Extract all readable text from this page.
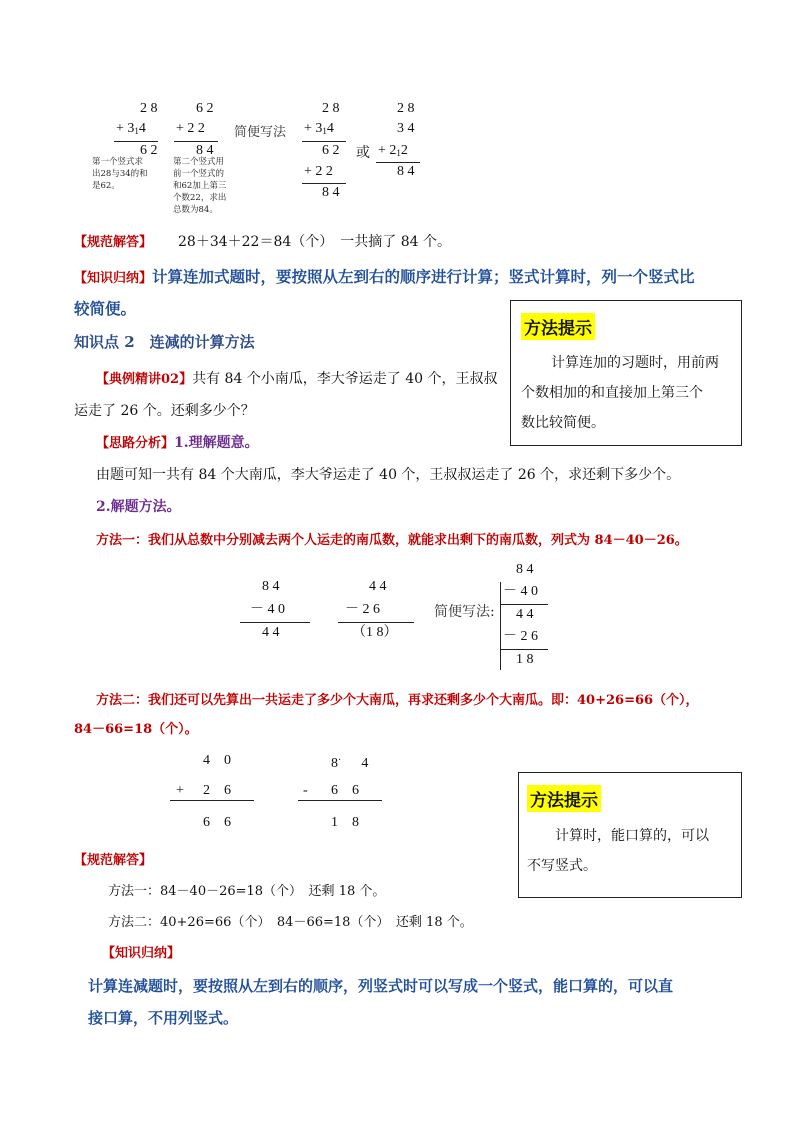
2 8
+ $3_14$
6 2
第一个竖式求
出28与34的和
是62。
6 2
+ 2 2
8 4
第二个竖式用
前一个竖式的
和62加上第三
个数22，求出
总数为84。
简便写法
2 8
+ $3_14$
6 2
+ 2 2
8 4
或
2 8
3 4
+ $2_12$
8 4
【规范解答】 28＋34＋22＝84（个）　一共摘了 84 个。
【知识归纳】计算连加式题时，要按照从左到右的顺序进行计算；竖式计算时，列一个竖式比
较简便。
方法提示
计算连加的习题时，用前两
个数相加的和直接加上第三个
数比较简便。
知识点 2　连减的计算方法
【典例精讲02】共有 84 个小南瓜，李大爷运走了 40 个，王叔叔
运走了 26 个。还剩多少个？
【思路分析】1.理解题意。
由题可知一共有 84 个大南瓜，李大爷运走了 40 个，王叔叔运走了 26 个，求还剩下多少个。
2.解题方法。
方法一：我们从总数中分别减去两个人运走的南瓜数，就能求出剩下的南瓜数，列式为 84－40－26。
8 4
－ 4 0
4 4
4 4
－ 2 6
（1 8）
简便写法:
8 4
－ 4 0
4 4
－ 2 6
1 8
方法二：我们还可以先算出一共运走了多少个大南瓜，再求还剩多少个大南瓜。即：40+26=66（个），
84－66=18（个）。
4　0
+ 2　6
6　6
8· 4
- 6　6
1　8
方法提示
计算时，能口算的，可以
不写竖式。
【规范解答】
方法一：84－40－26=18（个）　还剩 18 个。
方法二：40+26=66（个）　84－66=18（个）　还剩 18 个。
【知识归纳】
计算连减题时，要按照从左到右的顺序，列竖式时可以写成一个竖式，能口算的，可以直
接口算，不用列竖式。
